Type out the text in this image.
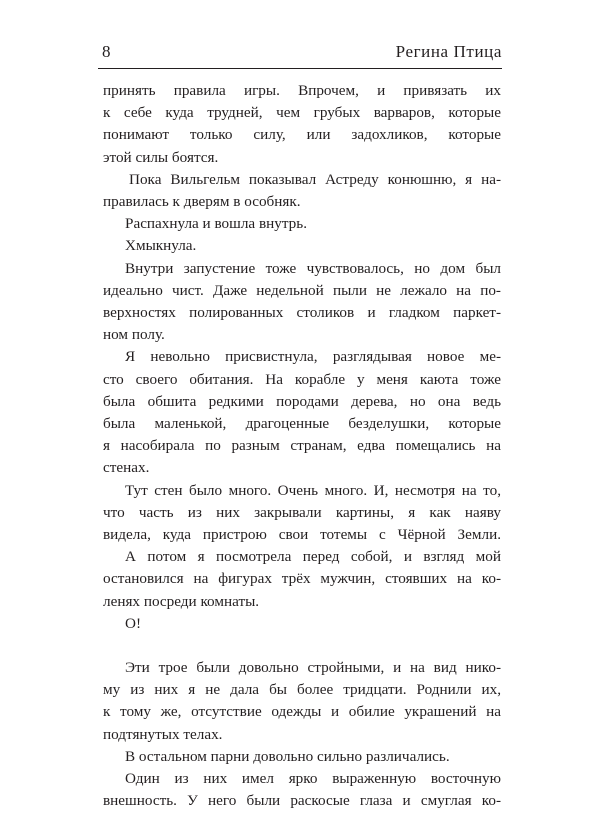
8	Регина Птица
принять правила игры. Впрочем, и привязать их
к себе куда трудней, чем грубых варваров, которые
понимают только силу, или задохликов, которые
этой силы боятся.
Пока Вильгельм показывал Астреду конюшню, я на-
правилась к дверям в особняк.
Распахнула и вошла внутрь.
Хмыкнула.
Внутри запустение тоже чувствовалось, но дом был
идеально чист. Даже недельной пыли не лежало на по-
верхностях полированных столиков и гладком паркет-
ном полу.
Я невольно присвистнула, разглядывая новое ме-
сто своего обитания. На корабле у меня каюта тоже
была обшита редкими породами дерева, но она ведь
была маленькой, драгоценные безделушки, которые
я насобирала по разным странам, едва помещались на
стенах.
Тут стен было много. Очень много. И, несмотря на то,
что часть из них закрывали картины, я как наяву
видела, куда пристрою свои тотемы с Чёрной Земли.
А потом я посмотрела перед собой, и взгляд мой
остановился на фигурах трёх мужчин, стоявших на ко-
ленях посреди комнаты.
О!
Эти трое были довольно стройными, и на вид нико-
му из них я не дала бы более тридцати. Роднили их,
к тому же, отсутствие одежды и обилие украшений на
подтянутых телах.
В остальном парни довольно сильно различались.
Один из них имел ярко выраженную восточную
внешность. У него были раскосые глаза и смуглая ко-
